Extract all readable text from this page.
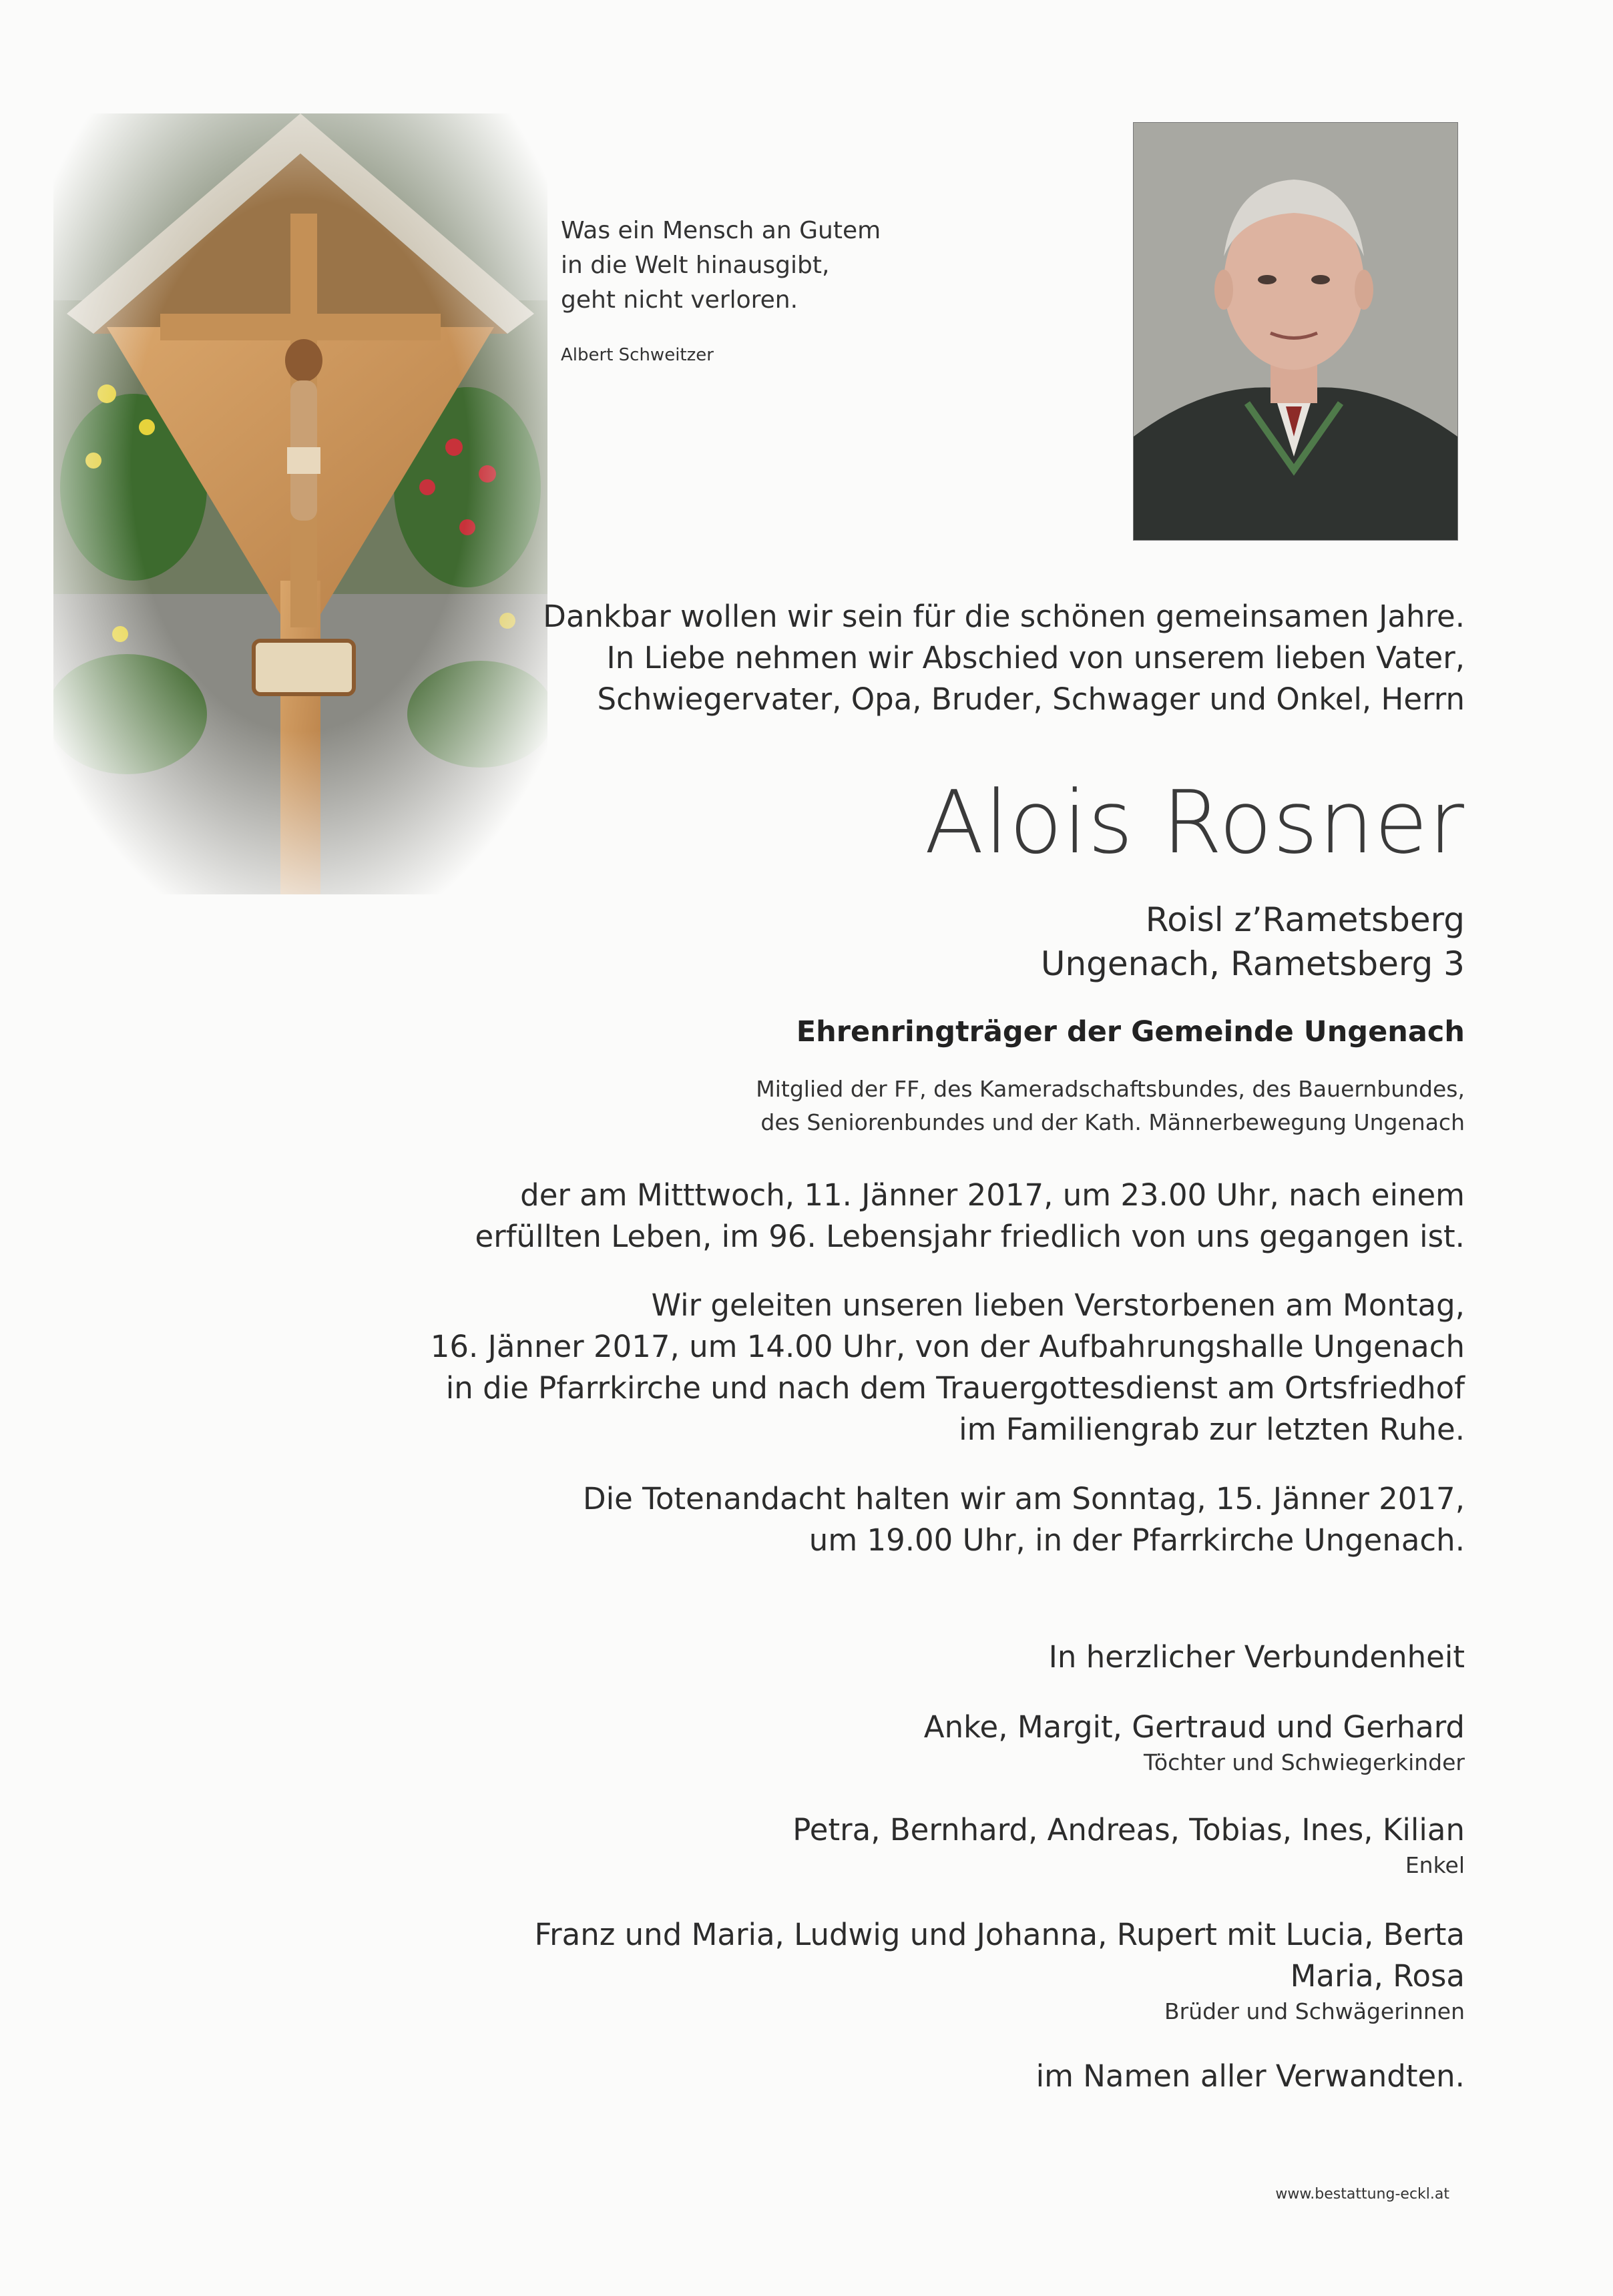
Was ein Mensch an Gutem
in die Welt hinausgibt,
geht nicht verloren.
Albert Schweitzer
Dankbar wollen wir sein für die schönen gemeinsamen Jahre.
In Liebe nehmen wir Abschied von unserem lieben Vater,
Schwiegervater, Opa, Bruder, Schwager und Onkel, Herrn
Alois Rosner
Roisl z’Rametsberg
Ungenach, Rametsberg 3
Ehrenringträger der Gemeinde Ungenach
Mitglied der FF, des Kameradschaftsbundes, des Bauernbundes,
des Seniorenbundes und der Kath. Männerbewegung Ungenach
der am Mitttwoch, 11. Jänner 2017, um 23.00 Uhr, nach einem
erfüllten Leben, im 96. Lebensjahr friedlich von uns gegangen ist.
Wir geleiten unseren lieben Verstorbenen am Montag,
16. Jänner 2017, um 14.00 Uhr, von der Aufbahrungshalle Ungenach
in die Pfarrkirche und nach dem Trauergottesdienst am Ortsfriedhof
im Familiengrab zur letzten Ruhe.
Die Totenandacht halten wir am Sonntag, 15. Jänner 2017,
um 19.00 Uhr, in der Pfarrkirche Ungenach.
In herzlicher Verbundenheit
Anke, Margit, Gertraud und Gerhard
Töchter und Schwiegerkinder
Petra, Bernhard, Andreas, Tobias, Ines, Kilian
Enkel
Franz und Maria, Ludwig und Johanna, Rupert mit Lucia, Berta
Maria, Rosa
Brüder und Schwägerinnen
im Namen aller Verwandten.
www.bestattung-eckl.at
